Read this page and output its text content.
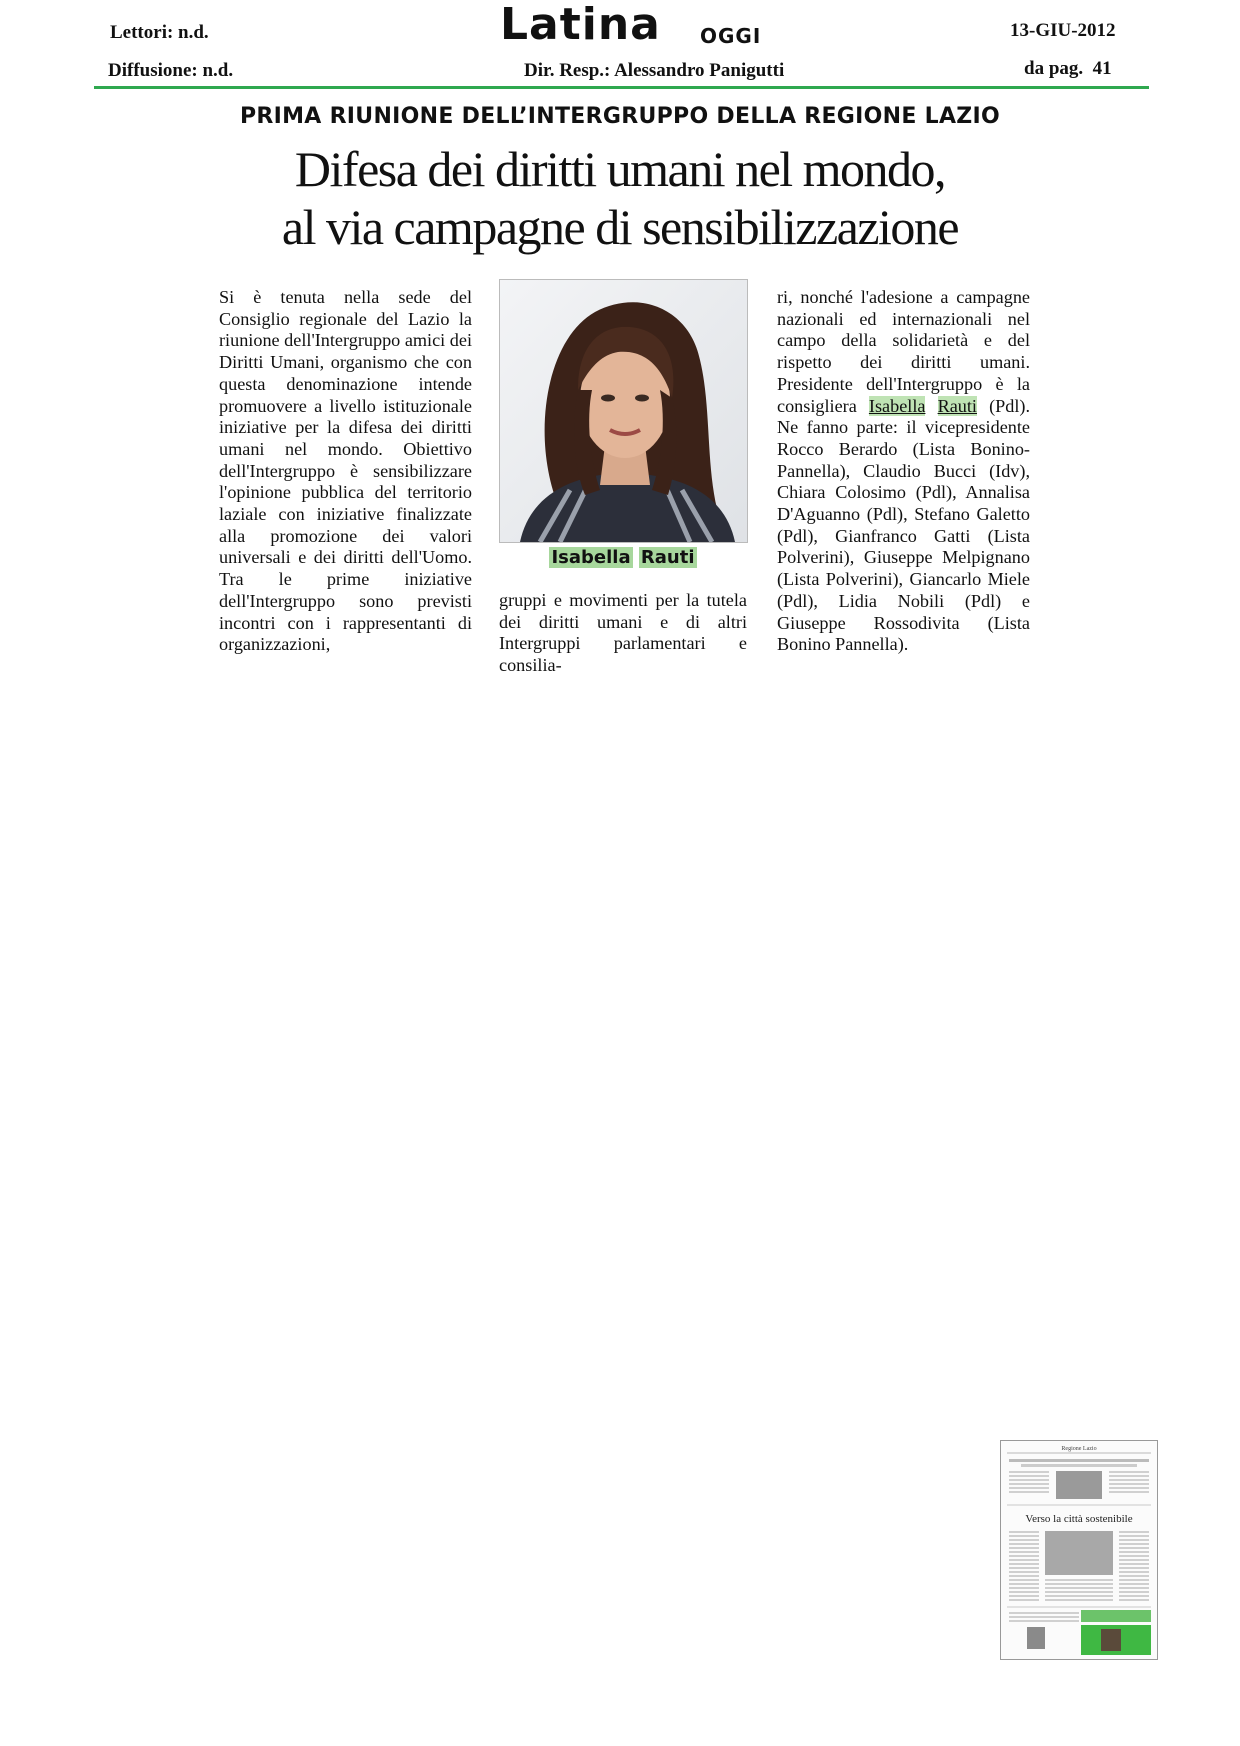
Lettori: n.d.
Diffusione: n.d.
Latina OGGI	13-GIU-2012
Dir. Resp.: Alessandro Panigutti	da pag.  41
PRIMA RIUNIONE DELL’INTERGRUPPO DELLA REGIONE LAZIO
Difesa dei diritti umani nel mondo,
al via campagne di sensibilizzazione

Si è tenuta nella sede del Consiglio regionale del Lazio la riunione dell'Intergruppo amici dei Diritti Umani, organismo che con questa denominazione intende promuovere a livello istituzionale iniziative per la difesa dei diritti umani nel mondo. Obiettivo dell'Intergruppo è sensibilizzare l'opinione pubblica del territorio laziale con iniziative finalizzate alla promozione dei valori universali e dei diritti dell'Uomo. Tra le prime iniziative dell'Intergruppo sono previsti incontri con i rappresentanti di organizzazioni,

Isabella Rauti

gruppi e movimenti per la tutela dei diritti umani e di altri Intergruppi parlamentari e consilia-

ri, nonché l'adesione a campagne nazionali ed internazionali nel campo della solidarietà e del rispetto dei diritti umani. Presidente dell'Intergruppo è la consigliera Isabella Rauti (Pdl). Ne fanno parte: il vicepresidente Rocco Berardo (Lista Bonino-Pannella), Claudio Bucci (Idv), Chiara Colosimo (Pdl), Annalisa D'Aguanno (Pdl), Stefano Galetto (Pdl), Gianfranco Gatti (Lista Polverini), Giuseppe Melpignano (Lista Polverini), Giancarlo Miele (Pdl), Lidia Nobili (Pdl) e Giuseppe Rossodivita (Lista Bonino Pannella).

Regione Lazio
Verso la città sostenibile
